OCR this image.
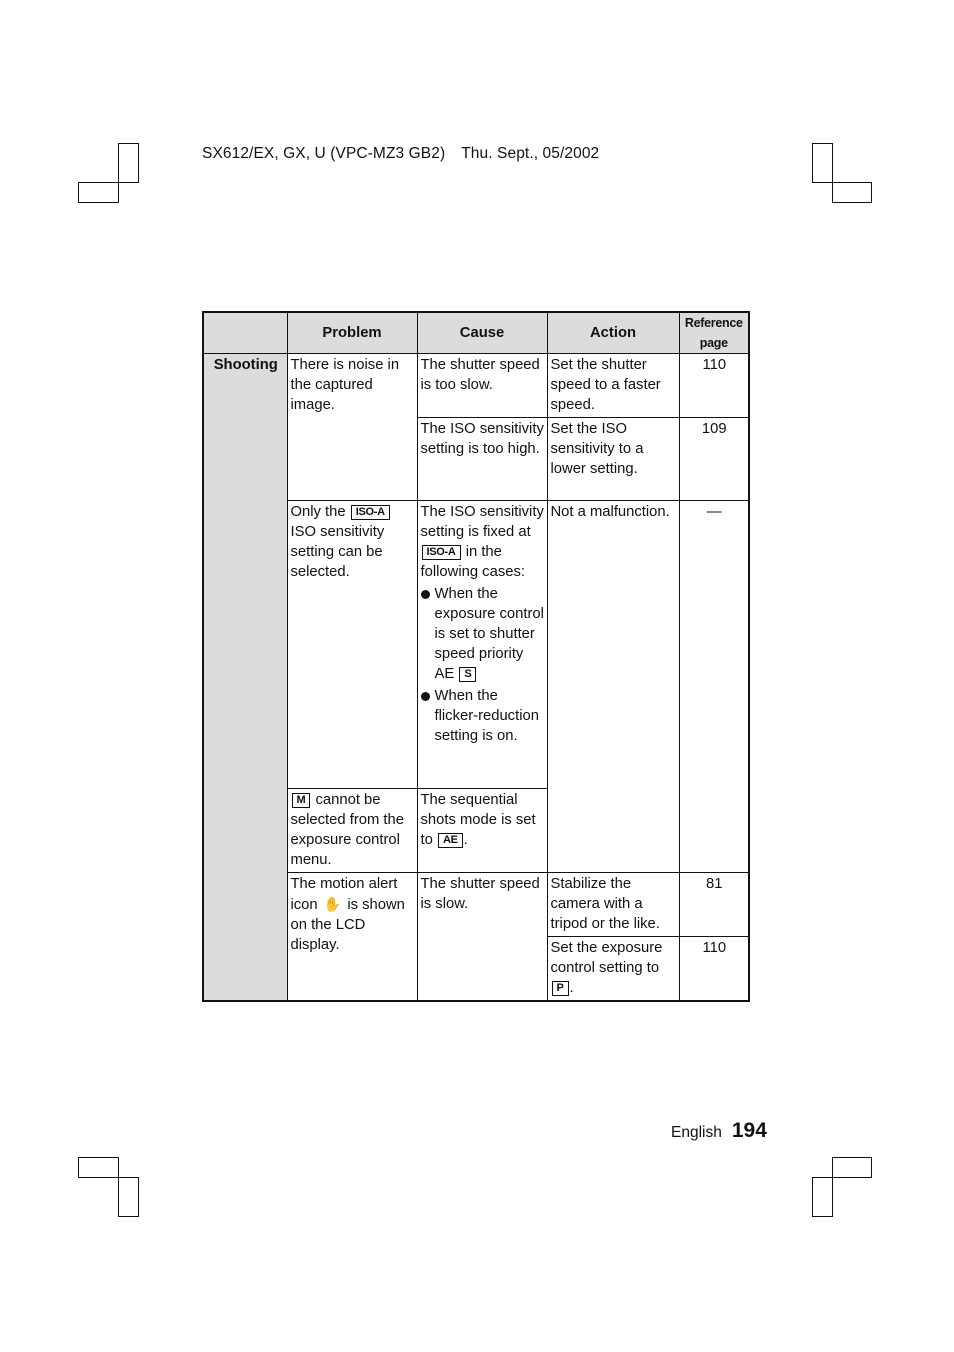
SX612/EX, GX, U (VPC-MZ3 GB2) Thu. Sept., 05/2002
	Problem	Cause	Action	Reference
page
Shooting	There is noise in the captured image.	The shutter speed is too slow.	Set the shutter speed to a faster speed.	110
		The ISO sensitivity setting is too high.	Set the ISO sensitivity to a lower setting.	109
	Only the ISO-A ISO sensitivity setting can be selected.	The ISO sensitivity setting is fixed at ISO-A in the following cases:
When the exposure control is set to shutter speed priority AE S
When the flicker-reduction setting is on.	Not a malfunction.	—
	M cannot be selected from the exposure control menu.	The sequential shots mode is set to AE .		
	The motion alert icon ✋ is shown on the LCD display.	The shutter speed is slow.	Stabilize the camera with a tripod or the like.	81
			Set the exposure control setting to P .	110
English 194
